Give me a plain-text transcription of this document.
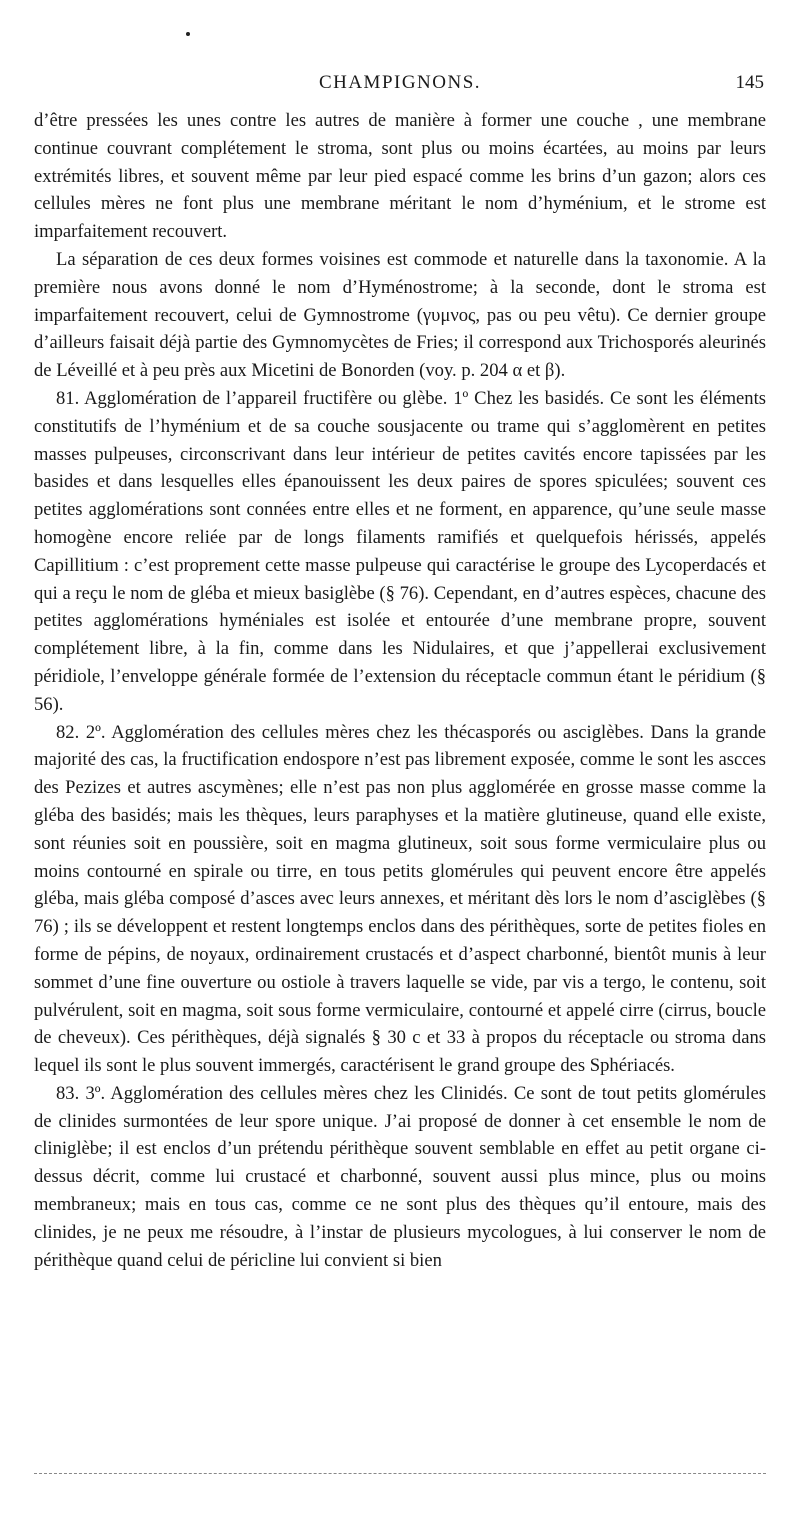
CHAMPIGNONS.	145

d’être pressées les unes contre les autres de manière à former une couche , une membrane continue couvrant complétement le stroma, sont plus ou moins écartées, au moins par leurs extrémités libres, et souvent même par leur pied espacé comme les brins d’un gazon; alors ces cellules mères ne font plus une membrane méritant le nom d’hyménium, et le strome est imparfaitement recouvert.

La séparation de ces deux formes voisines est commode et naturelle dans la taxonomie. A la première nous avons donné le nom d’Hyménostrome; à la seconde, dont le stroma est imparfaitement recouvert, celui de Gymnostrome (γυμνος, pas ou peu vêtu). Ce dernier groupe d’ailleurs faisait déjà partie des Gymnomycètes de Fries; il correspond aux Trichosporés aleurinés de Léveillé et à peu près aux Micetini de Bonorden (voy. p. 204 α et β).

81. Agglomération de l’appareil fructifère ou glèbe. 1º Chez les basidés. Ce sont les éléments constitutifs de l’hyménium et de sa couche sousjacente ou trame qui s’agglomèrent en petites masses pulpeuses, circonscrivant dans leur intérieur de petites cavités encore tapissées par les basides et dans lesquelles elles épanouissent les deux paires de spores spiculées; souvent ces petites agglomérations sont connées entre elles et ne forment, en apparence, qu’une seule masse homogène encore reliée par de longs filaments ramifiés et quelquefois hérissés, appelés Capillitium : c’est proprement cette masse pulpeuse qui caractérise le groupe des Lycoperdacés et qui a reçu le nom de gléba et mieux basiglèbe (§ 76). Cependant, en d’autres espèces, chacune des petites agglomérations hyméniales est isolée et entourée d’une membrane propre, souvent complétement libre, à la fin, comme dans les Nidulaires, et que j’appellerai exclusivement péridiole, l’enveloppe générale formée de l’extension du réceptacle commun étant le péridium (§ 56).

82. 2º. Agglomération des cellules mères chez les thécasporés ou asciglèbes. Dans la grande majorité des cas, la fructification endospore n’est pas librement exposée, comme le sont les ascces des Pezizes et autres ascymènes; elle n’est pas non plus agglomérée en grosse masse comme la gléba des basidés; mais les thèques, leurs paraphyses et la matière glutineuse, quand elle existe, sont réunies soit en poussière, soit en magma glutineux, soit sous forme vermiculaire plus ou moins contourné en spirale ou tirre, en tous petits glomérules qui peuvent encore être appelés gléba, mais gléba composé d’asces avec leurs annexes, et méritant dès lors le nom d’asciglèbes (§ 76) ; ils se développent et restent longtemps enclos dans des périthèques, sorte de petites fioles en forme de pépins, de noyaux, ordinairement crustacés et d’aspect charbonné, bientôt munis à leur sommet d’une fine ouverture ou ostiole à travers laquelle se vide, par vis a tergo, le contenu, soit pulvérulent, soit en magma, soit sous forme vermiculaire, contourné et appelé cirre (cirrus, boucle de cheveux). Ces périthèques, déjà signalés § 30 c et 33 à propos du réceptacle ou stroma dans lequel ils sont le plus souvent immergés, caractérisent le grand groupe des Sphériacés.

83. 3º. Agglomération des cellules mères chez les Clinidés. Ce sont de tout petits glomérules de clinides surmontées de leur spore unique. J’ai proposé de donner à cet ensemble le nom de cliniglèbe; il est enclos d’un prétendu périthèque souvent semblable en effet au petit organe ci-dessus décrit, comme lui crustacé et charbonné, souvent aussi plus mince, plus ou moins membraneux; mais en tous cas, comme ce ne sont plus des thèques qu’il entoure, mais des clinides, je ne peux me résoudre, à l’instar de plusieurs mycologues, à lui conserver le nom de périthèque quand celui de péricline lui convient si bien
